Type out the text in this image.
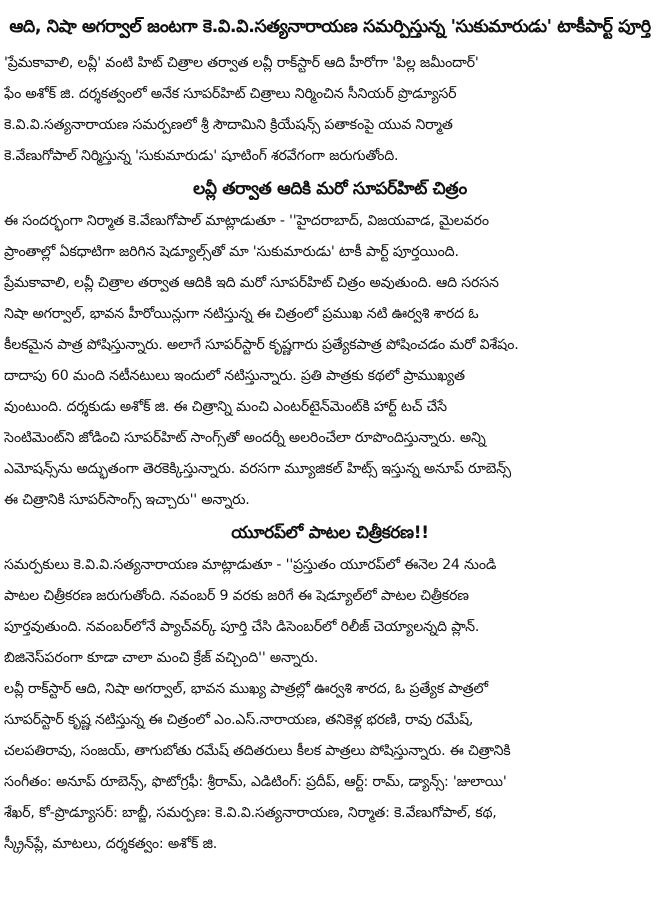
ఆది, నిషా అగర్వాల్ జంటగా కె.వి.వి.సత్యనారాయణ సమర్పిస్తున్న 'సుకుమారుడు' టాకీపార్ట్ పూర్తి

'ప్రేమకావాలి, లవ్లీ' వంటి హిట్ చిత్రాల తర్వాత లవ్లీ రాక్‌స్టార్ ఆది హీరోగా 'పిల్ల జమీందార్'
ఫేం అశోక్ జి. దర్శకత్వంలో అనేక సూపర్‌హిట్ చిత్రాలు నిర్మించిన సీనియర్ ప్రొడ్యూసర్
కె.వి.వి.సత్యనారాయణ సమర్పణలో శ్రీ సౌదామిని క్రియేషన్స్ పతాకంపై యువ నిర్మాత
కె.వేణుగోపాల్ నిర్మిస్తున్న 'సుకుమారుడు' షూటింగ్ శరవేగంగా జరుగుతోంది.

లవ్లీ తర్వాత ఆదికి మరో సూపర్‌హిట్ చిత్రం

ఈ సందర్భంగా నిర్మాత కె.వేణుగోపాల్ మాట్లాడుతూ - ''హైదరాబాద్, విజయవాడ, మైలవరం
ప్రాంతాల్లో ఏకధాటిగా జరిగిన షెడ్యూల్స్‌తో మా 'సుకుమారుడు' టాకీ పార్ట్ పూర్తయింది.
ప్రేమకావాలి, లవ్లీ చిత్రాల తర్వాత ఆదికి ఇది మరో సూపర్‌హిట్ చిత్రం అవుతుంది. ఆది సరసన
నిషా అగర్వాల్, భావన హీరోయిన్లుగా నటిస్తున్న ఈ చిత్రంలో ప్రముఖ నటి ఊర్వశి శారద ఓ
కీలకమైన పాత్ర పోషిస్తున్నారు. అలాగే సూపర్‌స్టార్ కృష్ణగారు ప్రత్యేకపాత్ర పోషించడం మరో విశేషం.
దాదాపు 60 మంది నటీనటులు ఇందులో నటిస్తున్నారు. ప్రతి పాత్రకు కథలో ప్రాముఖ్యత
వుంటుంది. దర్శకుడు అశోక్ జి. ఈ చిత్రాన్ని మంచి ఎంటర్‌టైన్‌మెంట్‌కి హార్ట్ టచ్ చేసే
సెంటిమెంట్‌ని జోడించి సూపర్‌హిట్ సాంగ్స్‌తో అందర్నీ అలరించేలా రూపొందిస్తున్నారు. అన్ని
ఎమోషన్స్‌ను అద్భుతంగా తెరకెక్కిస్తున్నారు. వరసగా మ్యూజికల్ హిట్స్ ఇస్తున్న అనూప్ రూబెన్స్
ఈ చిత్రానికి సూపర్‌సాంగ్స్ ఇచ్చారు'' అన్నారు.

యూరప్‌లో పాటల చిత్రీకరణ!!

సమర్పకులు కె.వి.వి.సత్యనారాయణ మాట్లాడుతూ - ''ప్రస్తుతం యూరప్‌లో ఈనెల 24 నుండి
పాటల చిత్రీకరణ జరుగుతోంది. నవంబర్ 9 వరకు జరిగే ఈ షెడ్యూల్‌లో పాటల చిత్రీకరణ
పూర్తవుతుంది. నవంబర్‌లోనే ప్యాచ్‌వర్క్ పూర్తి చేసి డిసెంబర్‌లో రిలీజ్ చెయ్యాలన్నది ప్లాన్.
బిజినెస్‌పరంగా కూడా చాలా మంచి క్రేజ్ వచ్చింది'' అన్నారు.

లవ్లీ రాక్‌స్టార్ ఆది, నిషా అగర్వాల్, భావన ముఖ్య పాత్రల్లో ఊర్వశి శారద, ఓ ప్రత్యేక పాత్రలో
సూపర్‌స్టార్ కృష్ణ నటిస్తున్న ఈ చిత్రంలో ఎం.ఎస్.నారాయణ, తనికెళ్ల భరణి, రావు రమేష్,
చలపతిరావు, సంజయ్, తాగుబోతు రమేష్ తదితరులు కీలక పాత్రలు పోషిస్తున్నారు. ఈ చిత్రానికి
సంగీతం: అనూప్ రూబెన్స్, ఫొటోగ్రఫీ: శ్రీరామ్, ఎడిటింగ్: ప్రదీప్, ఆర్ట్: రామ్, డ్యాన్స్: 'జులాయి'
శేఖర్, కో-ప్రొడ్యూసర్: బాబ్జీ, సమర్పణ: కె.వి.వి.సత్యనారాయణ, నిర్మాత: కె.వేణుగోపాల్, కథ,
స్క్రీన్‌ప్లే, మాటలు, దర్శకత్వం: అశోక్ జి.
